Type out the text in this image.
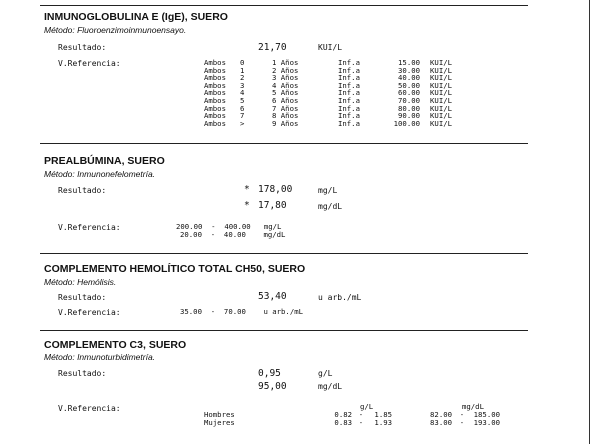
INMUNOGLOBULINA E (IgE), SUERO
Método: Fluoroenzimoinmunoensayo.
Resultado:	21,70	KUI/L
V.Referencia:	Ambos	0	1 Años	Inf.a	15.00	KUI/L
Ambos	1	2 Años	Inf.a	30.00	KUI/L
Ambos	2	3 Años	Inf.a	40.00	KUI/L
Ambos	3	4 Años	Inf.a	50.00	KUI/L
Ambos	4	5 Años	Inf.a	60.00	KUI/L
Ambos	5	6 Años	Inf.a	70.00	KUI/L
Ambos	6	7 Años	Inf.a	80.00	KUI/L
Ambos	7	8 Años	Inf.a	90.00	KUI/L
Ambos	>	9 Años	Inf.a	100.00	KUI/L
PREALBÚMINA, SUERO
Método: Inmunonefelometría.
Resultado:	* 178,00	mg/L
* 17,80	mg/dL
V.Referencia:	200.00  -  400.00   mg/L
20.00  -  40.00    mg/dL
COMPLEMENTO HEMOLÍTICO TOTAL CH50, SUERO
Método: Hemólisis.
Resultado:	53,40	u arb./mL
V.Referencia:	35.00  -  70.00    u arb./mL
COMPLEMENTO C3, SUERO
Método: Inmunoturbidimetría.
Resultado:	0,95	g/L
95,00	mg/dL
V.Referencia:	g/L	mg/dL
Hombres	0.82	-	1.85	82.00	-	185.00
Mujeres	0.83	-	1.93	83.00	-	193.00
